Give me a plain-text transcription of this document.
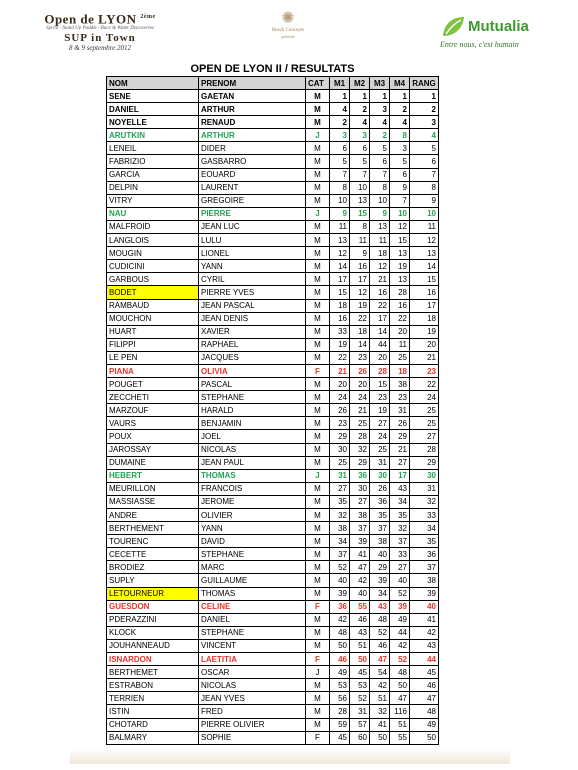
Open de LYON $^{2ème}$
Sprint - Stand Up Paddle - Race & Water Discoveries
SUP in Town
8 & 9 septembre 2012
✺
Beach Concepts
présente
Mutualia
Entre nous, c'est humain
OPEN DE LYON II / RESULTATS							
NOM	PRENOM	CAT	M1	M2	M3	M4	RANG
SENE	GAETAN	M	1	1	1	1	1
DANIEL	ARTHUR	M	4	2	3	2	2
NOYELLE	RENAUD	M	2	4	4	4	3
ARUTKIN	ARTHUR	J	3	3	2	8	4
LENEIL	DIDER	M	6	6	5	3	5
FABRIZIO	GASBARRO	M	5	5	6	5	6
GARCIA	EOUARD	M	7	7	7	6	7
DELPIN	LAURENT	M	8	10	8	9	8
VITRY	GREGOIRE	M	10	13	10	7	9
NAU	PIERRE	J	9	15	9	10	10
MALFROID	JEAN LUC	M	11	8	13	12	11
LANGLOIS	LULU	M	13	11	11	15	12
MOUGIN	LIONEL	M	12	9	18	13	13
CUDICINI	YANN	M	14	16	12	19	14
GARBOUS	CYRIL	M	17	17	21	13	15
BODET	PIERRE YVES	M	15	12	16	28	16
RAMBAUD	JEAN PASCAL	M	18	19	22	16	17
MOUCHON	JEAN DENIS	M	16	22	17	22	18
HUART	XAVIER	M	33	18	14	20	19
FILIPPI	RAPHAEL	M	19	14	44	11	20
LE PEN	JACQUES	M	22	23	20	25	21
PIANA	OLIVIA	F	21	26	28	18	23
POUGET	PASCAL	M	20	20	15	38	22
ZECCHETI	STEPHANE	M	24	24	23	23	24
MARZOUF	HARALD	M	26	21	19	31	25
VAURS	BENJAMIN	M	23	25	27	26	25
POUX	JOEL	M	29	28	24	29	27
JAROSSAY	NICOLAS	M	30	32	25	21	28
DUMAINE	JEAN PAUL	M	25	29	31	27	29
HEBERT	THOMAS	J	31	36	30	17	30
MEURILLON	FRANCOIS	M	27	30	26	43	31
MASSIASSE	JEROME	M	35	27	36	34	32
ANDRE	OLIVIER	M	32	38	35	35	33
BERTHEMENT	YANN	M	38	37	37	32	34
TOURENC	DAVID	M	34	39	38	37	35
CECETTE	STEPHANE	M	37	41	40	33	36
BRODIEZ	MARC	M	52	47	29	27	37
SUPLY	GUILLAUME	M	40	42	39	40	38
LETOURNEUR	THOMAS	M	39	40	34	52	39
GUESDON	CELINE	F	36	55	43	39	40
PDERAZZINI	DANIEL	M	42	46	48	49	41
KLOCK	STEPHANE	M	48	43	52	44	42
JOUHANNEAUD	VINCENT	M	50	51	46	42	43
ISNARDON	LAETITIA	F	46	50	47	52	44
BERTHEMET	OSCAR	J	49	45	54	48	45
ESTRABON	NICOLAS	M	53	53	42	50	46
TERRIEN	JEAN YVES	M	56	52	51	47	47
ISTIN	FRED	M	28	31	32	116	48
CHOTARD	PIERRE OLIVIER	M	59	57	41	51	49
BALMARY	SOPHIE	F	45	60	50	55	50
